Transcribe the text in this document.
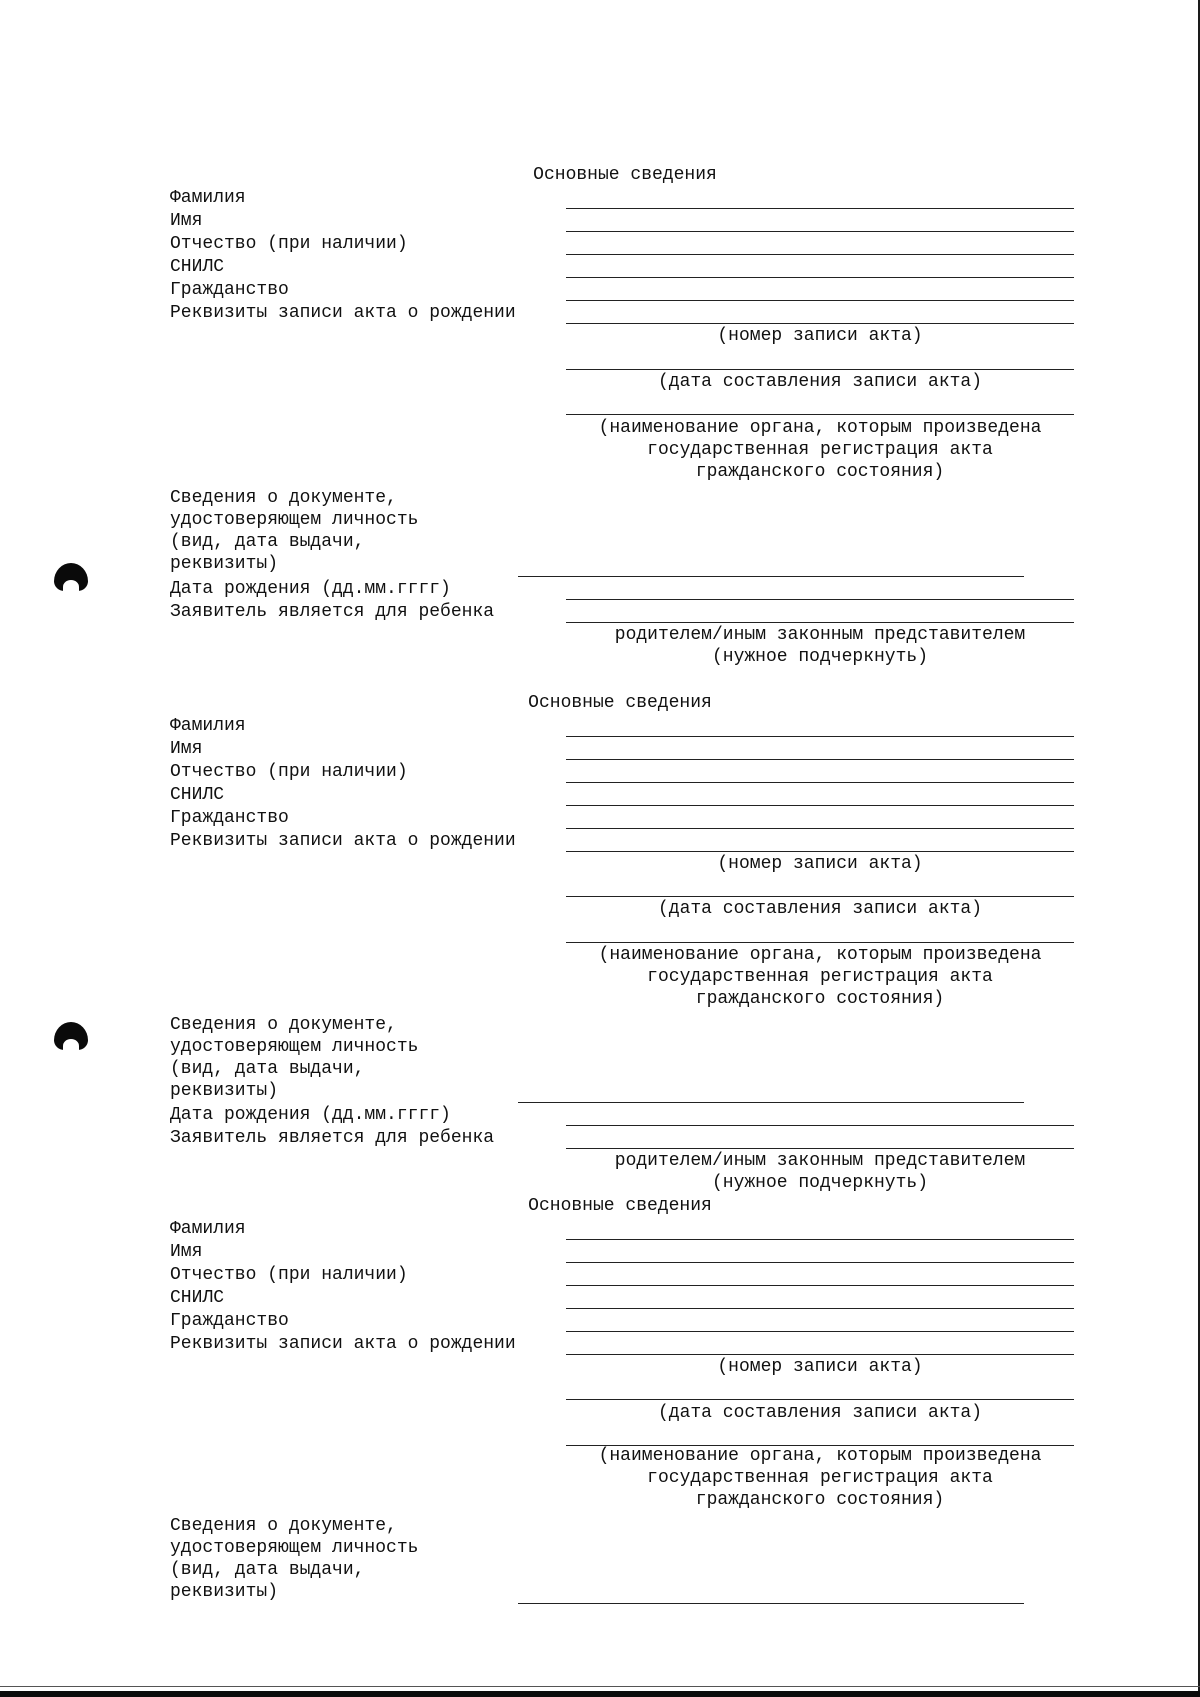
Основные сведения
Фамилия
Имя
Отчество (при наличии)
СНИЛС
Гражданство
Реквизиты записи акта о рождении
(номер записи акта)
(дата составления записи акта)
(наименование органа, которым произведена
государственная регистрация акта
гражданского состояния)
Сведения о документе,
удостоверяющем личность
(вид, дата выдачи,
реквизиты)
Дата рождения (дд.мм.гггг)
Заявитель является для ребенка
родителем/иным законным представителем
(нужное подчеркнуть)
Основные сведения
Фамилия
Имя
Отчество (при наличии)
СНИЛС
Гражданство
Реквизиты записи акта о рождении
(номер записи акта)
(дата составления записи акта)
(наименование органа, которым произведена
государственная регистрация акта
гражданского состояния)
Сведения о документе,
удостоверяющем личность
(вид, дата выдачи,
реквизиты)
Дата рождения (дд.мм.гггг)
Заявитель является для ребенка
родителем/иным законным представителем
(нужное подчеркнуть)
Основные сведения
Фамилия
Имя
Отчество (при наличии)
СНИЛС
Гражданство
Реквизиты записи акта о рождении
(номер записи акта)
(дата составления записи акта)
(наименование органа, которым произведена
государственная регистрация акта
гражданского состояния)
Сведения о документе,
удостоверяющем личность
(вид, дата выдачи,
реквизиты)
